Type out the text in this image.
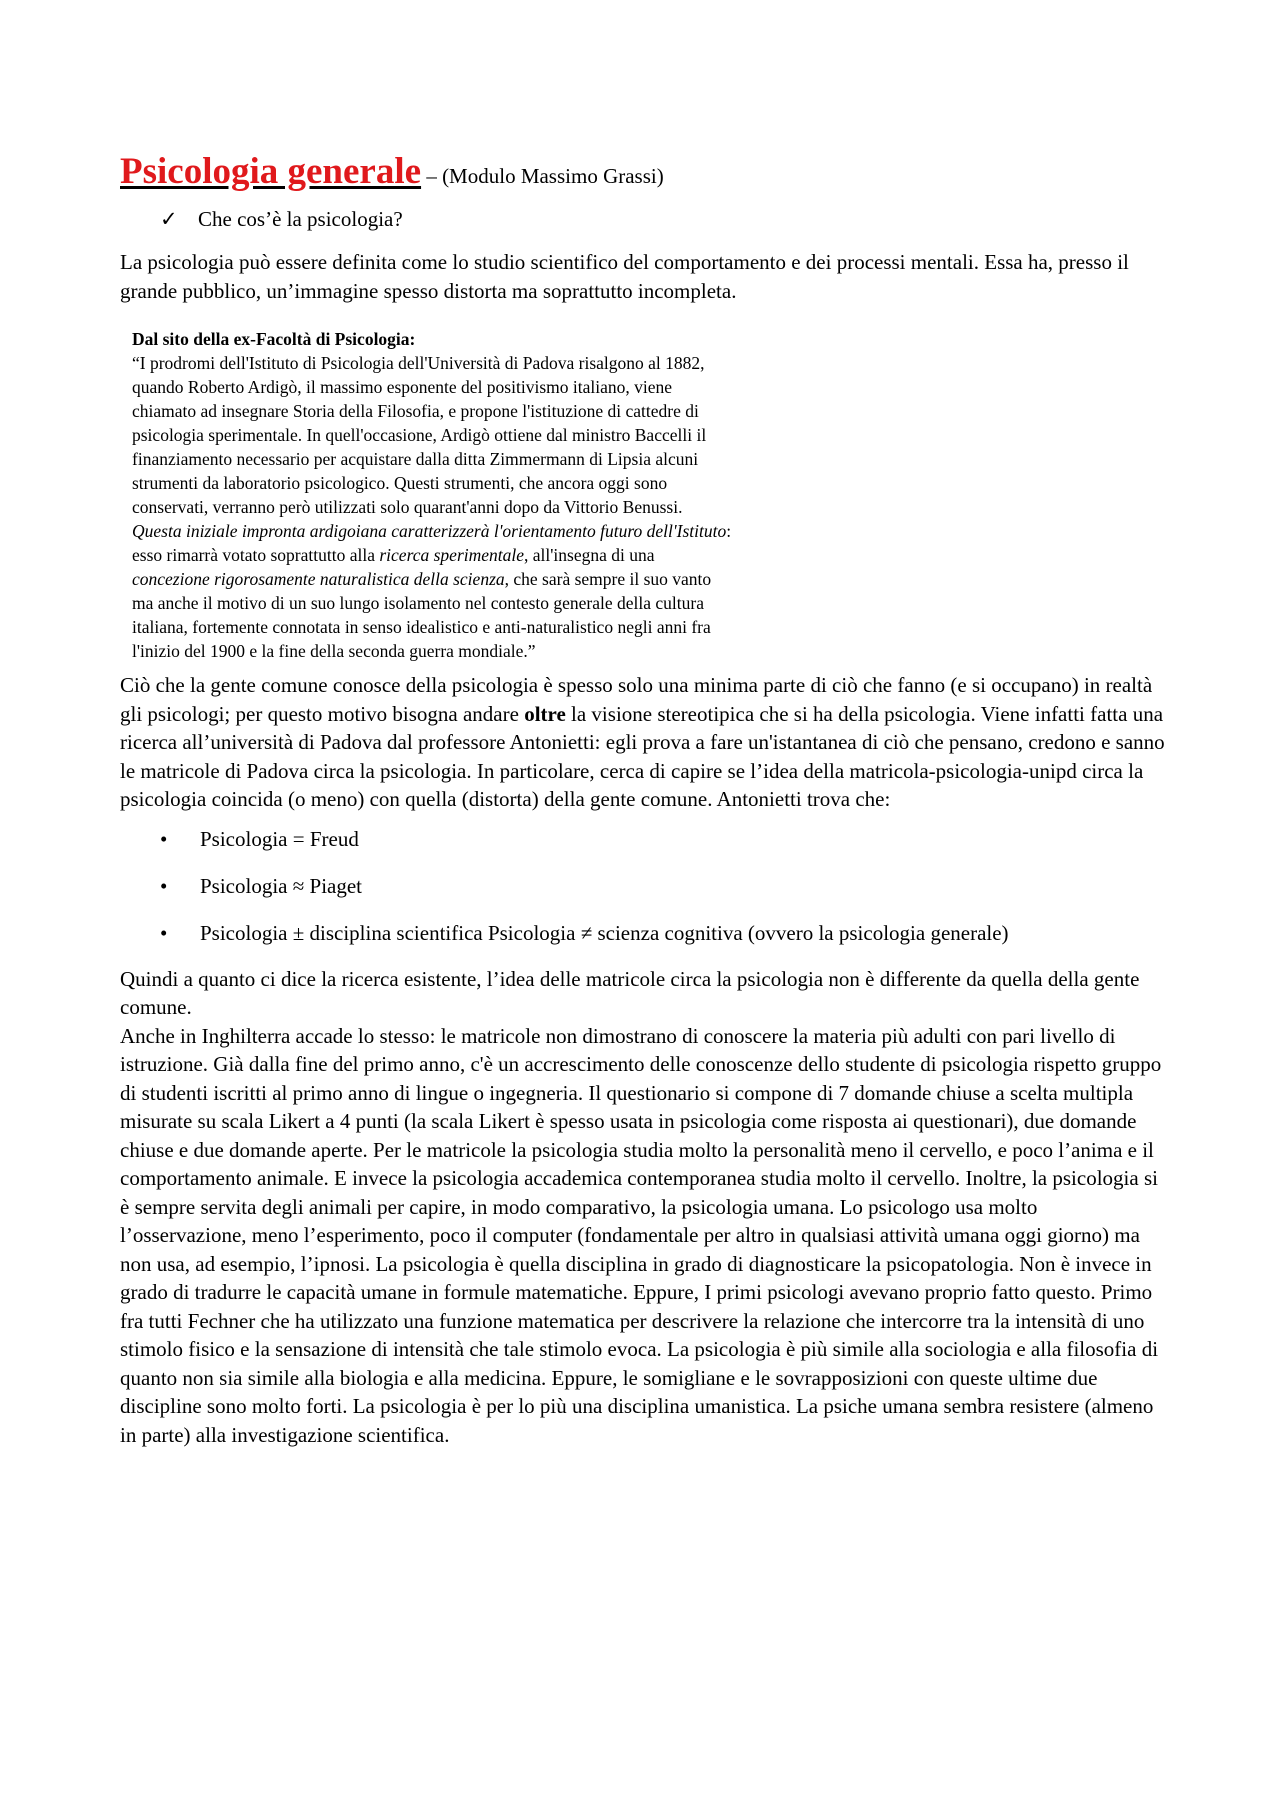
Psicologia generale – (Modulo Massimo Grassi)
✓ Che cos’è la psicologia?

La psicologia può essere definita come lo studio scientifico del comportamento e dei processi mentali. Essa ha, presso il grande pubblico, un’immagine spesso distorta ma soprattutto incompleta.

Dal sito della ex-Facoltà di Psicologia:

“I prodromi dell'Istituto di Psicologia dell'Università di Padova risalgono al 1882, quando Roberto Ardigò, il massimo esponente del positivismo italiano, viene chiamato ad insegnare Storia della Filosofia, e propone l'istituzione di cattedre di psicologia sperimentale. In quell'occasione, Ardigò ottiene dal ministro Baccelli il finanziamento necessario per acquistare dalla ditta Zimmermann di Lipsia alcuni strumenti da laboratorio psicologico. Questi strumenti, che ancora oggi sono conservati, verranno però utilizzati solo quarant'anni dopo da Vittorio Benussi.
Questa iniziale impronta ardigoiana caratterizzerà l'orientamento futuro dell'Istituto: esso rimarrà votato soprattutto alla ricerca sperimentale, all'insegna di una concezione rigorosamente naturalistica della scienza, che sarà sempre il suo vanto ma anche il motivo di un suo lungo isolamento nel contesto generale della cultura italiana, fortemente connotata in senso idealistico e anti-naturalistico negli anni fra l'inizio del 1900 e la fine della seconda guerra mondiale.”

Ciò che la gente comune conosce della psicologia è spesso solo una minima parte di ciò che fanno (e si occupano) in realtà gli psicologi; per questo motivo bisogna andare oltre la visione stereotipica che si ha della psicologia. Viene infatti fatta una ricerca all’università di Padova dal professore Antonietti: egli prova a fare un'istantanea di ciò che pensano, credono e sanno le matricole di Padova circa la psicologia. In particolare, cerca di capire se l’idea della matricola-psicologia-unipd circa la psicologia coincida (o meno) con quella (distorta) della gente comune. Antonietti trova che:

•	Psicologia = Freud
•	Psicologia ≈ Piaget
•	Psicologia ± disciplina scientifica Psicologia ≠ scienza cognitiva (ovvero la psicologia generale)

Quindi a quanto ci dice la ricerca esistente, l’idea delle matricole circa la psicologia non è differente da quella della gente comune.

Anche in Inghilterra accade lo stesso: le matricole non dimostrano di conoscere la materia più adulti con pari livello di istruzione. Già dalla fine del primo anno, c'è un accrescimento delle conoscenze dello studente di psicologia rispetto gruppo di studenti iscritti al primo anno di lingue o ingegneria. Il questionario si compone di 7 domande chiuse a scelta multipla misurate su scala Likert a 4 punti (la scala Likert è spesso usata in psicologia come risposta ai questionari), due domande chiuse e due domande aperte. Per le matricole la psicologia studia molto la personalità meno il cervello, e poco l’anima e il comportamento animale. E invece la psicologia accademica contemporanea studia molto il cervello. Inoltre, la psicologia si è sempre servita degli animali per capire, in modo comparativo, la psicologia umana. Lo psicologo usa molto l’osservazione, meno l’esperimento, poco il computer (fondamentale per altro in qualsiasi attività umana oggi giorno) ma non usa, ad esempio, l’ipnosi. La psicologia è quella disciplina in grado di diagnosticare la psicopatologia. Non è invece in grado di tradurre le capacità umane in formule matematiche. Eppure, I primi psicologi avevano proprio fatto questo. Primo fra tutti Fechner che ha utilizzato una funzione matematica per descrivere la relazione che intercorre tra la intensità di uno stimolo fisico e la sensazione di intensità che tale stimolo evoca. La psicologia è più simile alla sociologia e alla filosofia di quanto non sia simile alla biologia e alla medicina. Eppure, le somigliane e le sovrapposizioni con queste ultime due discipline sono molto forti. La psicologia è per lo più una disciplina umanistica. La psiche umana sembra resistere (almeno in parte) alla investigazione scientifica.
